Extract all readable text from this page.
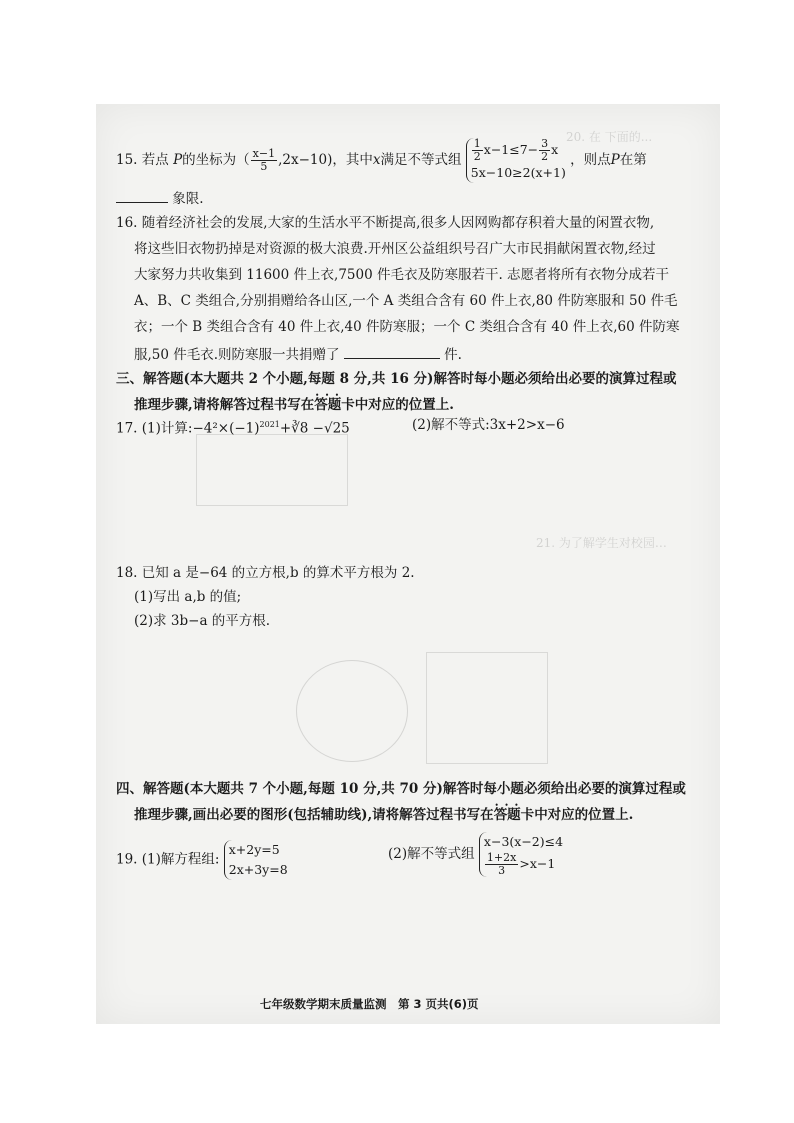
20. 在 下面的...
21. 为了解学生对校园…
15. 若点 P的坐标为（ $\frac{x-1}{5} ,2x-10$)，其中x满足不等式组 $\frac{1}{2} x-1\le 7- \frac{3}{2}$ x
5x−10≥2(x+1)
，则点P在第
象限.
16. 随着经济社会的发展,大家的生活水平不断提高,很多人因网购都存积着大量的闲置衣物,
将这些旧衣物扔掉是对资源的极大浪费.开州区公益组织号召广大市民捐献闲置衣物,经过
大家努力共收集到 11600 件上衣,7500 件毛衣及防寒服若干. 志愿者将所有衣物分成若干
A、B、C 类组合,分别捐赠给各山区,一个 A 类组合含有 60 件上衣,80 件防寒服和 50 件毛
衣；一个 B 类组合含有 40 件上衣,40 件防寒服；一个 C 类组合含有 40 件上衣,60 件防寒
服,50 件毛衣.则防寒服一共捐赠了	件.
三、解答题(本大题共 2 个小题,每题 8 分,共 16 分)解答时每小题必须给出必要的演算过程或
推理步骤,请将解答过程书写在• • • 答题卡中对应的位置上.
17. (1)计算$:-4^2\times(-1)^{2021}+∛8 -√25$	(2)解不等式:3x+2>x−6
18. 已知 a 是−64 的立方根,b 的算术平方根为 2.
(1)写出 a,b 的值;
(2)求 3b−a 的平方根.
四、解答题(本大题共 7 个小题,每题 10 分,共 70 分)解答时每小题必须给出必要的演算过程或
推理步骤,画出必要的图形(包括辅助线),请将解答过程书写在• • • 答题卡中对应的位置上.
19. (1)解方程组:
x+2y=5
2x+3y=8
(2)解不等式组
x−3(x−2)≤4
$\frac{1+2x}{3} >x-1$
七年级数学期末质量监测　第 3 页共(6)页
